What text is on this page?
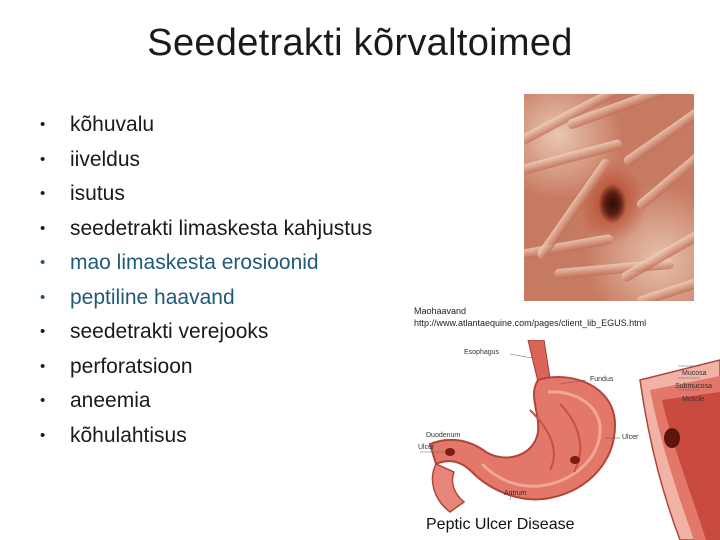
Seedetrakti kõrvaltoimed
• kõhuvalu
• iiveldus
• isutus
• seedetrakti limaskesta kahjustus
• mao limaskesta erosioonid
• peptiline haavand
• seedetrakti verejooks
• perforatsioon
• aneemia
• kõhulahtisus
Maohaavand
http://www.atlantaequine.com/pages/client_lib_EGUS.html
Esophagus
Duodenum
Fundus
Mucosa
Submucosa
Muscle
Ulcer
Ulcer
Antrum
Peptic Ulcer Disease
